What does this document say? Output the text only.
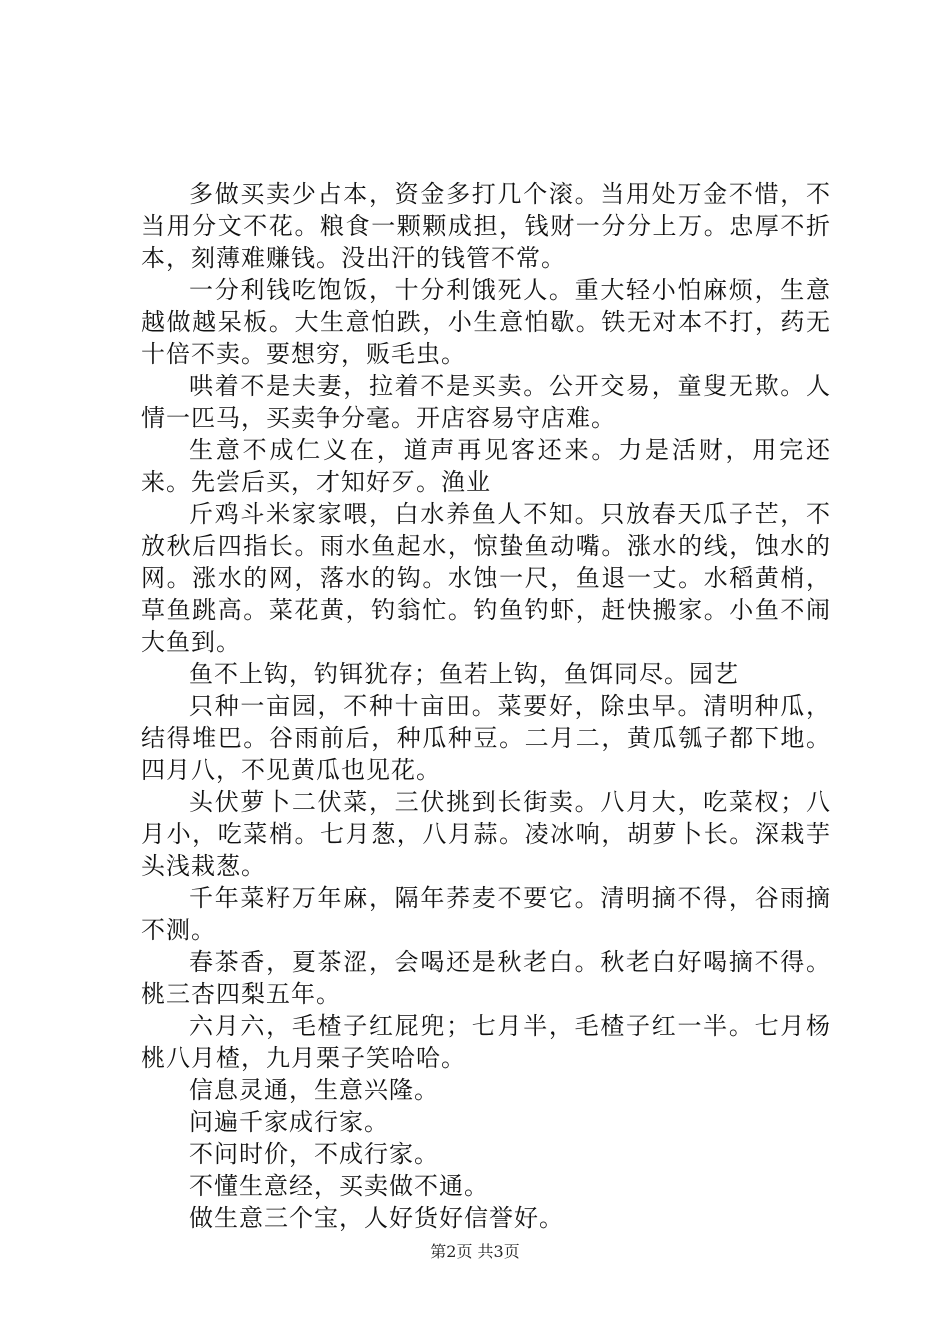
多做买卖少占本，资金多打几个滚。当用处万金不惜，不当用分文不花。粮食一颗颗成担，钱财一分分上万。忠厚不折本，刻薄难赚钱。没出汗的钱管不常。

一分利钱吃饱饭，十分利饿死人。重大轻小怕麻烦，生意越做越呆板。大生意怕跌，小生意怕歇。铁无对本不打，药无十倍不卖。要想穷，贩毛虫。

哄着不是夫妻，拉着不是买卖。公开交易，童叟无欺。人情一匹马，买卖争分毫。开店容易守店难。

生意不成仁义在，道声再见客还来。力是活财，用完还来。先尝后买，才知好歹。渔业

斤鸡斗米家家喂，白水养鱼人不知。只放春天瓜子芒，不放秋后四指长。雨水鱼起水，惊蛰鱼动嘴。涨水的线，蚀水的网。涨水的网，落水的钩。水蚀一尺，鱼退一丈。水稻黄梢，草鱼跳高。菜花黄，钓翁忙。钓鱼钓虾，赶快搬家。小鱼不闹大鱼到。

鱼不上钩，钓铒犹存；鱼若上钩，鱼饵同尽。园艺

只种一亩园，不种十亩田。菜要好，除虫早。清明种瓜，结得堆巴。谷雨前后，种瓜种豆。二月二，黄瓜瓠子都下地。四月八，不见黄瓜也见花。

头伏萝卜二伏菜，三伏挑到长街卖。八月大，吃菜杈；八月小，吃菜梢。七月葱，八月蒜。凌冰响，胡萝卜长。深栽芋头浅栽葱。

千年菜籽万年麻，隔年荞麦不要它。清明摘不得，谷雨摘不测。

春茶香，夏茶涩，会喝还是秋老白。秋老白好喝摘不得。桃三杏四梨五年。

六月六，毛楂子红屁兜；七月半，毛楂子红一半。七月杨桃八月楂，九月栗子笑哈哈。

信息灵通，生意兴隆。

问遍千家成行家。

不问时价，不成行家。

不懂生意经，买卖做不通。

做生意三个宝，人好货好信誉好。

第2页 共3页
